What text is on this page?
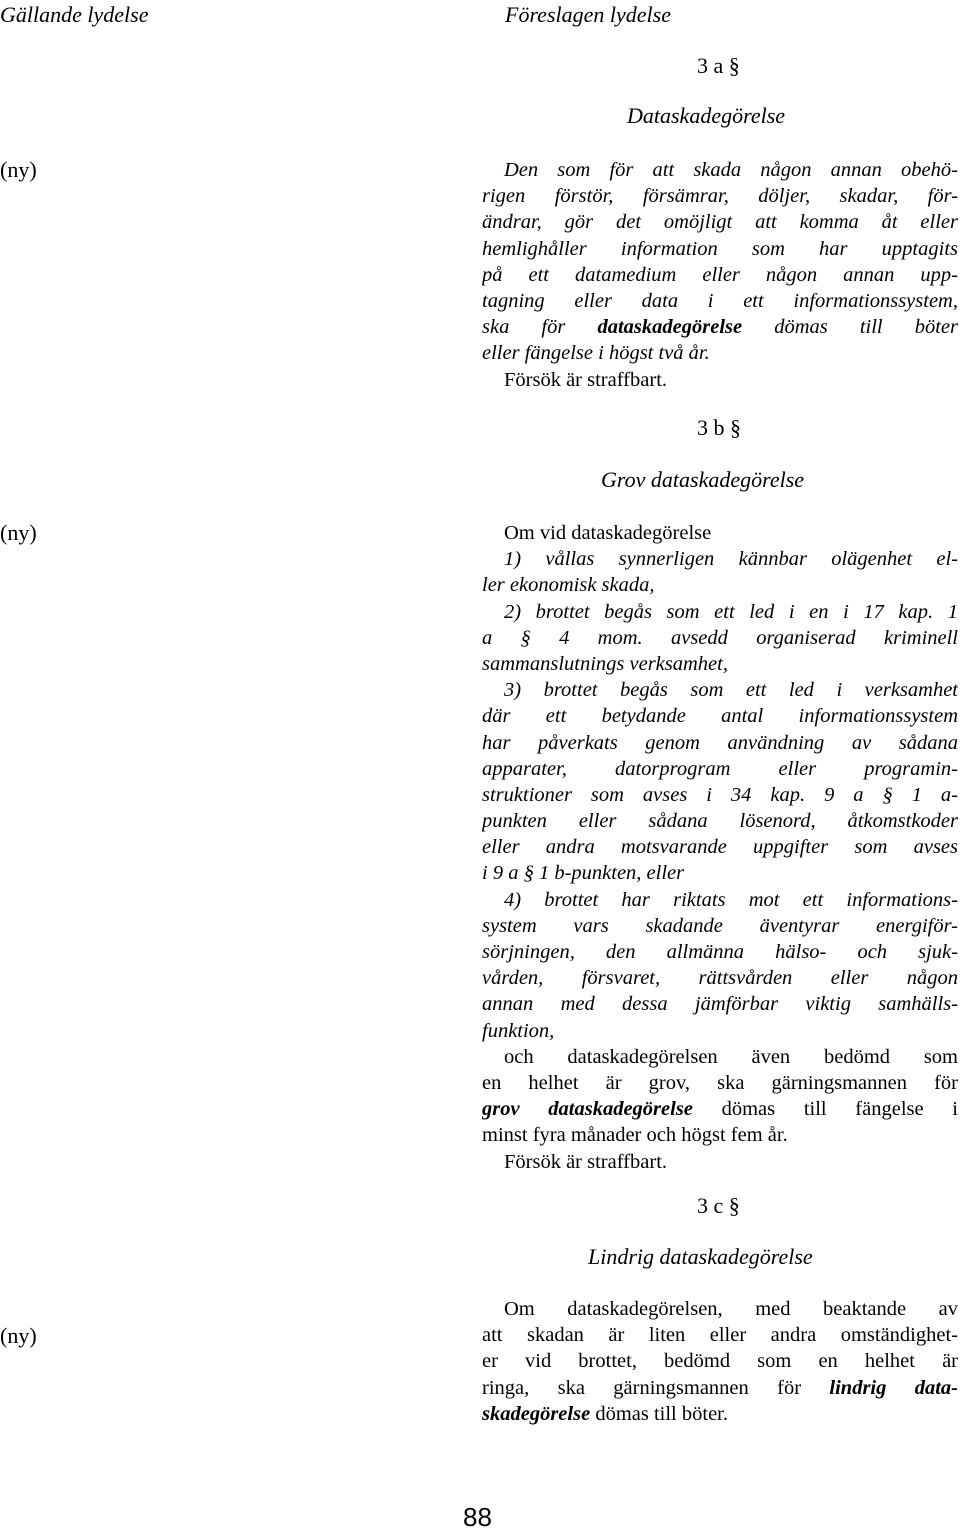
Gällande lydelse	Föreslagen lydelse
3 a §
Dataskadegörelse
(ny)	Den som för att skada någon annan obehö-
rigen förstör, försämrar, döljer, skadar, för-
ändrar, gör det omöjligt att komma åt eller
hemlighåller information som har upptagits
på ett datamedium eller någon annan upp-
tagning eller data i ett informationssystem,
ska för dataskadegörelse dömas till böter
eller fängelse i högst två år.
Försök är straffbart.
3 b §
Grov dataskadegörelse
(ny)	Om vid dataskadegörelse
1) vållas synnerligen kännbar olägenhet el-
ler ekonomisk skada,
2) brottet begås som ett led i en i 17 kap. 1
a § 4 mom. avsedd organiserad kriminell
sammanslutnings verksamhet,
3) brottet begås som ett led i verksamhet
där ett betydande antal informationssystem
har påverkats genom användning av sådana
apparater, datorprogram eller programin-
struktioner som avses i 34 kap. 9 a § 1 a-
punkten eller sådana lösenord, åtkomstkoder
eller andra motsvarande uppgifter som avses
i 9 a § 1 b-punkten, eller
4) brottet har riktats mot ett informations-
system vars skadande äventyrar energiför-
sörjningen, den allmänna hälso- och sjuk-
vården, försvaret, rättsvården eller någon
annan med dessa jämförbar viktig samhälls-
funktion,
och dataskadegörelsen även bedömd som
en helhet är grov, ska gärningsmannen för
grov dataskadegörelse dömas till fängelse i
minst fyra månader och högst fem år.
Försök är straffbart.
3 c §
Lindrig dataskadegörelse
(ny)
Om dataskadegörelsen, med beaktande av
att skadan är liten eller andra omständighet-
er vid brottet, bedömd som en helhet är
ringa, ska gärningsmannen för lindrig data-
skadegörelse dömas till böter.
88
